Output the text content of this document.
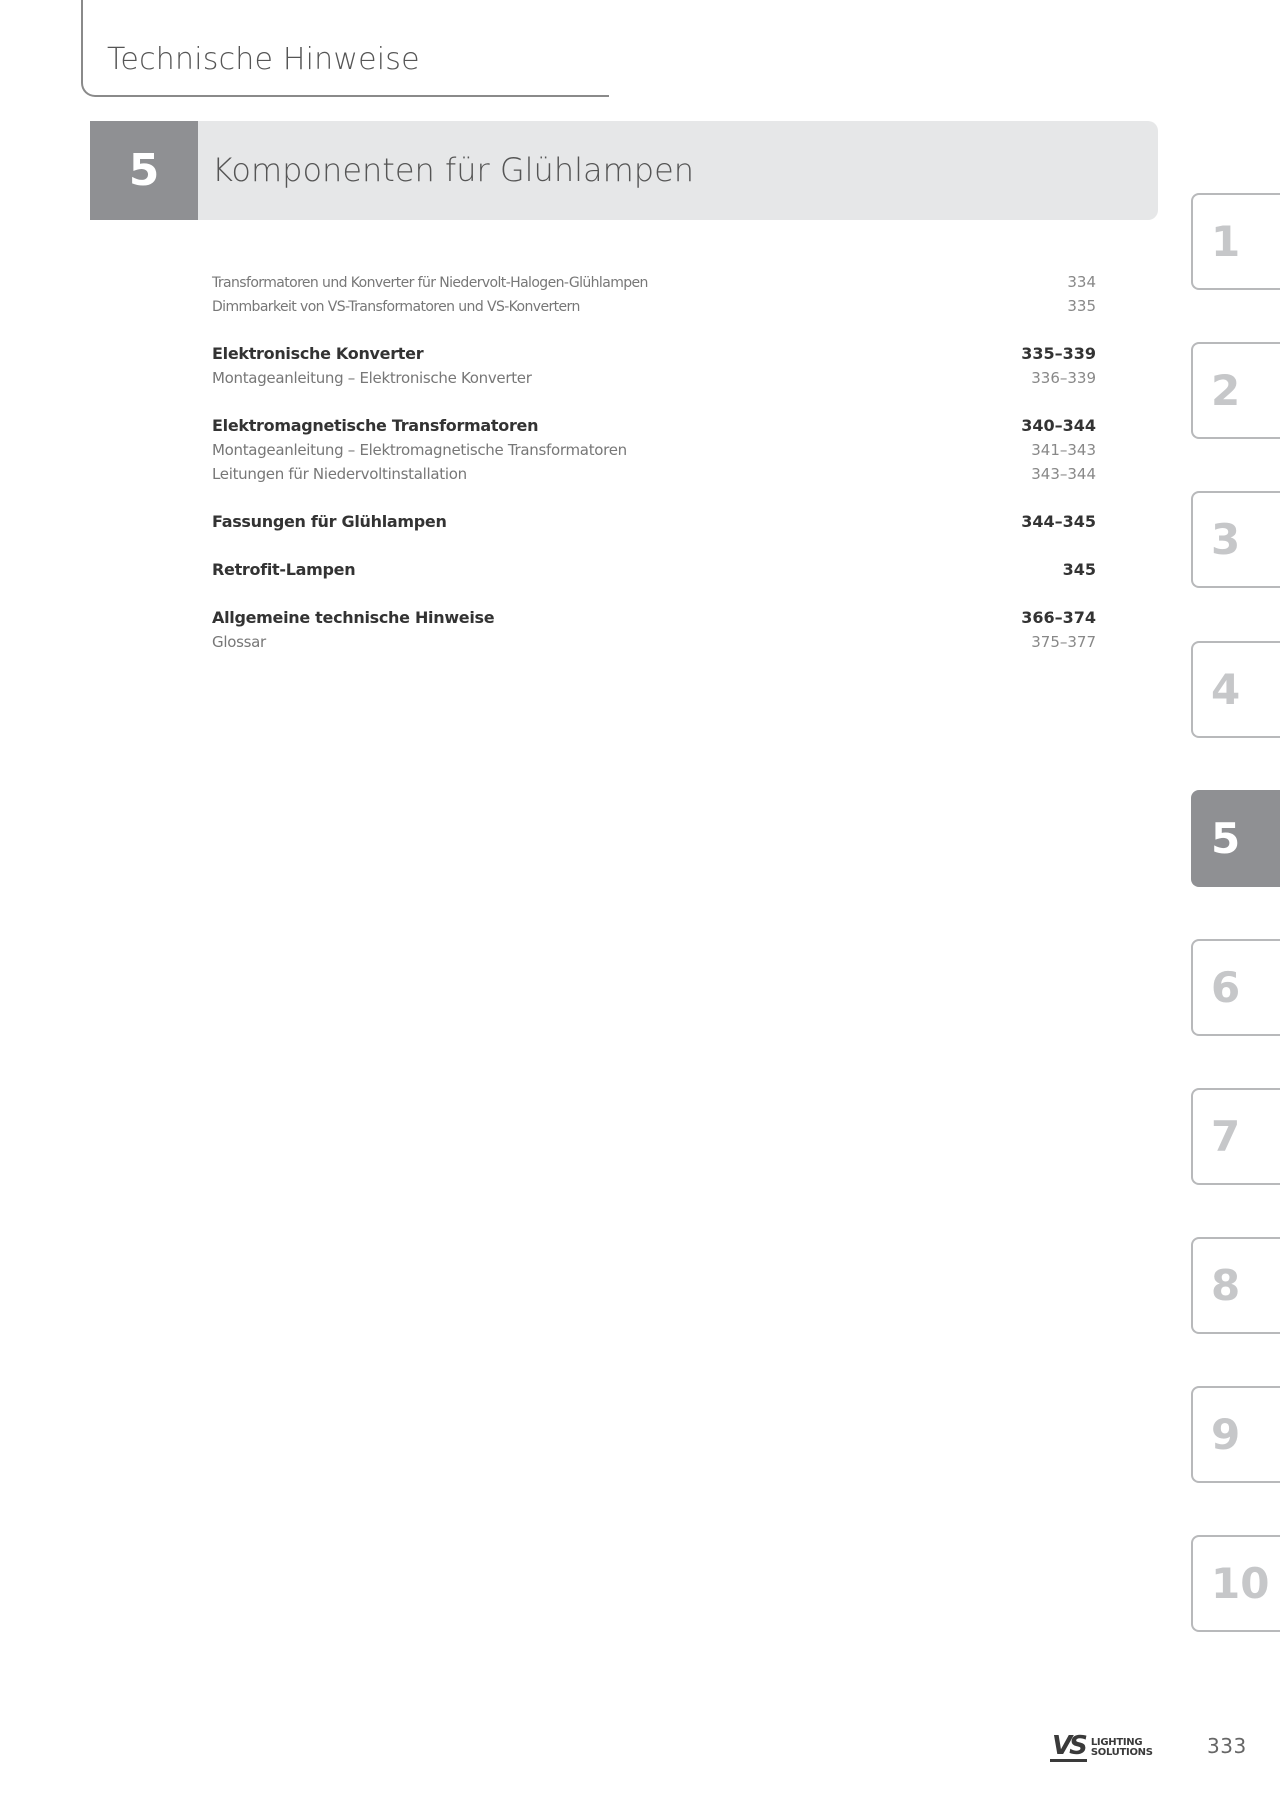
Technische Hinweise
5	Komponenten für Glühlampen
Transformatoren und Konverter für Niedervolt-Halogen-Glühlampen	334
Dimmbarkeit von VS-Transformatoren und VS-Konvertern	335
Elektronische Konverter	335–339
Montageanleitung – Elektronische Konverter	336–339
Elektromagnetische Transformatoren	340–344
Montageanleitung – Elektromagnetische Transformatoren	341–343
Leitungen für Niedervoltinstallation	343–344
Fassungen für Glühlampen	344–345
Retrofit-Lampen	345
Allgemeine technische Hinweise	366–374
Glossar	375–377
1
2
3
4
5
6
7
8
9
10
VS LIGHTING
SOLUTIONS	333
